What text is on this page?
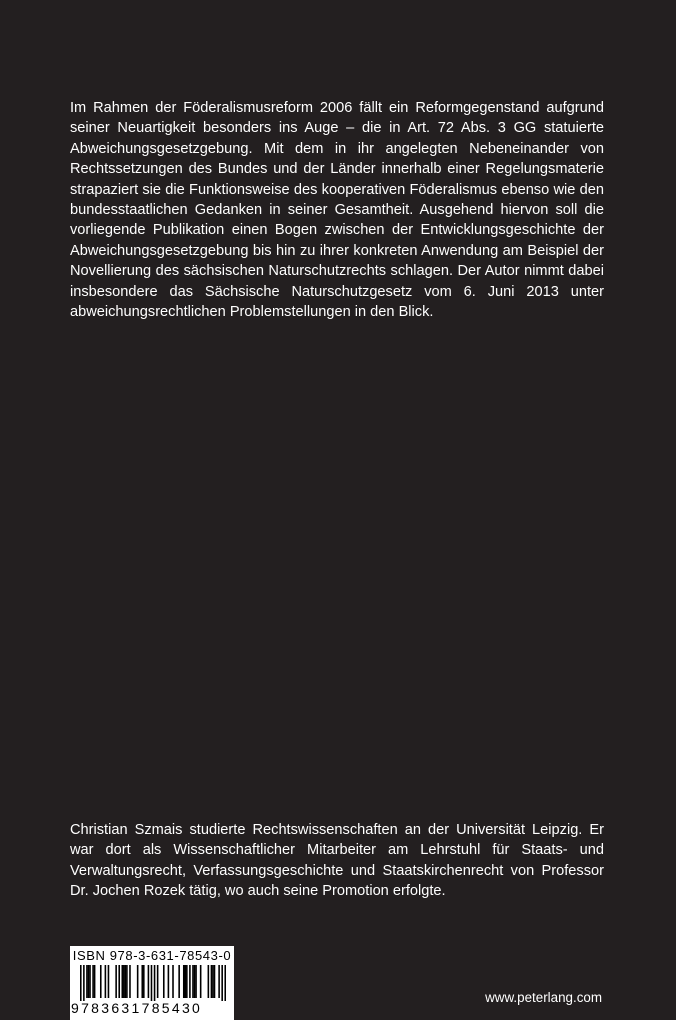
Im Rahmen der Föderalismusreform 2006 fällt ein Reformgegenstand aufgrund seiner Neuartigkeit besonders ins Auge – die in Art. 72 Abs. 3 GG statuierte Abweichungsgesetzgebung. Mit dem in ihr angelegten Nebeneinander von Rechtssetzungen des Bundes und der Länder innerhalb einer Regelungsmaterie strapaziert sie die Funktionsweise des kooperativen Föderalismus ebenso wie den bundesstaatlichen Gedanken in seiner Gesamtheit. Ausgehend hiervon soll die vorliegende Publikation einen Bogen zwischen der Entwicklungsgeschichte der Abweichungsgesetzgebung bis hin zu ihrer konkreten Anwendung am Beispiel der Novellierung des sächsischen Naturschutzrechts schlagen. Der Autor nimmt dabei insbesondere das Sächsische Naturschutzgesetz vom 6. Juni 2013 unter abweichungsrechtlichen Problemstellungen in den Blick.

Christian Szmais studierte Rechtswissenschaften an der Universität Leipzig. Er war dort als Wissenschaftlicher Mitarbeiter am Lehrstuhl für Staats- und Verwaltungsrecht, Verfassungsgeschichte und Staatskirchenrecht von Professor Dr. Jochen Rozek tätig, wo auch seine Promotion erfolgte.

ISBN 978-3-631-78543-0
9783631785430
www.peterlang.com
